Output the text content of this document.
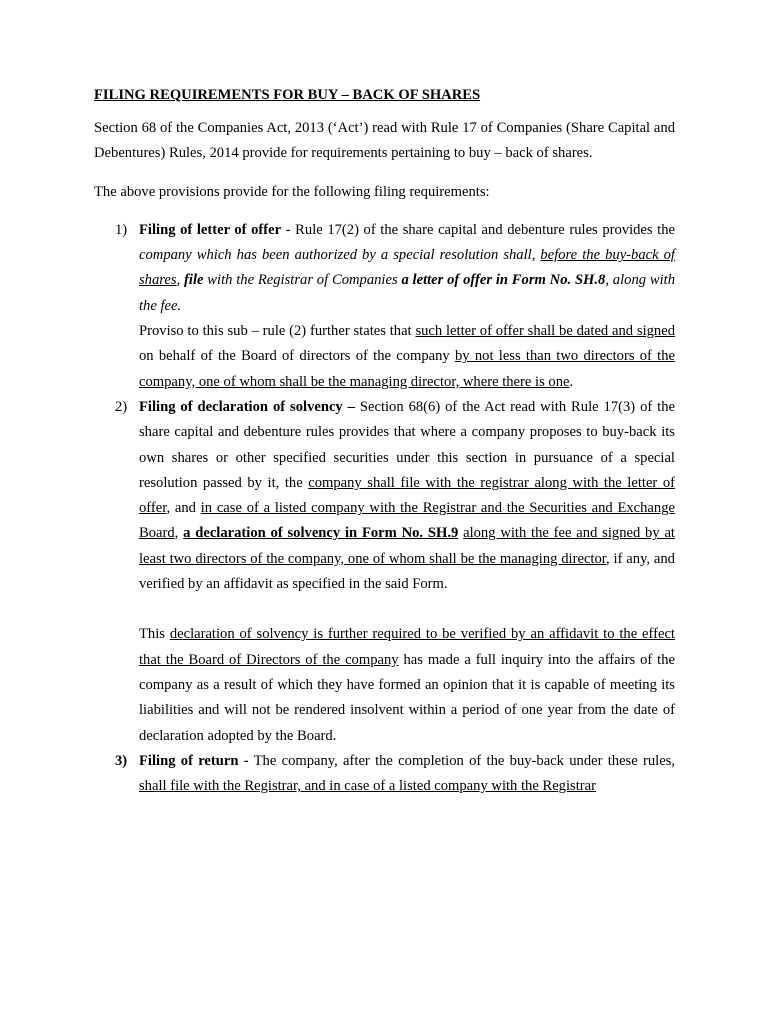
FILING REQUIREMENTS FOR BUY – BACK OF SHARES

Section 68 of the Companies Act, 2013 (‘Act’) read with Rule 17 of Companies (Share Capital and Debentures) Rules, 2014 provide for requirements pertaining to buy – back of shares.

The above provisions provide for the following filing requirements:

1) Filing of letter of offer - Rule 17(2) of the share capital and debenture rules provides the company which has been authorized by a special resolution shall, before the buy-back of shares, file with the Registrar of Companies a letter of offer in Form No. SH.8, along with the fee.

Proviso to this sub – rule (2) further states that such letter of offer shall be dated and signed on behalf of the Board of directors of the company by not less than two directors of the company, one of whom shall be the managing director, where there is one.

2) Filing of declaration of solvency – Section 68(6) of the Act read with Rule 17(3) of the share capital and debenture rules provides that where a company proposes to buy-back its own shares or other specified securities under this section in pursuance of a special resolution passed by it, the company shall file with the registrar along with the letter of offer, and in case of a listed company with the Registrar and the Securities and Exchange Board, a declaration of solvency in Form No. SH.9 along with the fee and signed by at least two directors of the company, one of whom shall be the managing director, if any, and verified by an affidavit as specified in the said Form.

This declaration of solvency is further required to be verified by an affidavit to the effect that the Board of Directors of the company has made a full inquiry into the affairs of the company as a result of which they have formed an opinion that it is capable of meeting its liabilities and will not be rendered insolvent within a period of one year from the date of declaration adopted by the Board.

3) Filing of return - The company, after the completion of the buy-back under these rules, shall file with the Registrar, and in case of a listed company with the Registrar
